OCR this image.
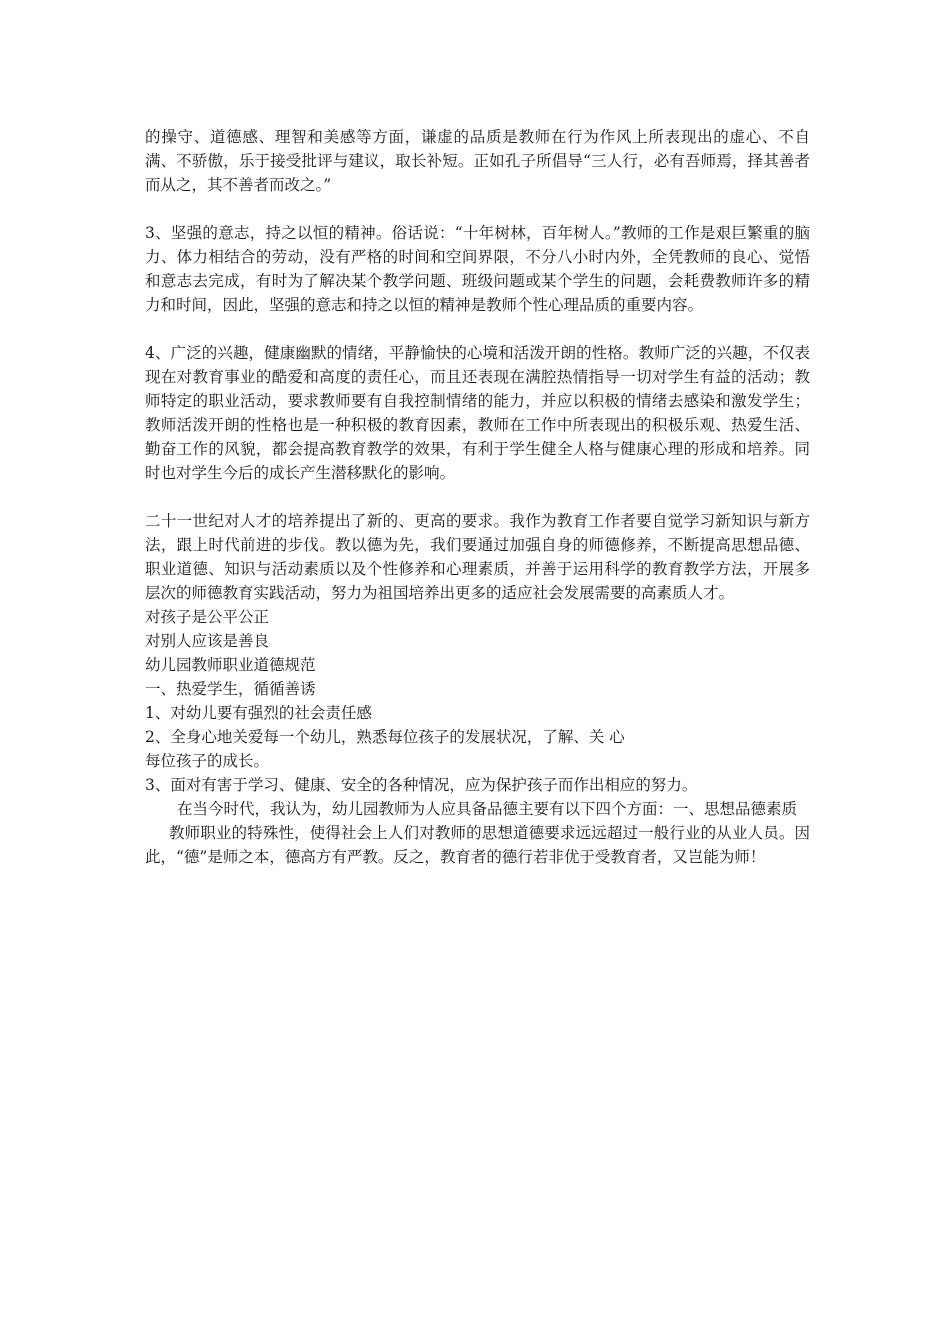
的操守、道德感、理智和美感等方面，谦虚的品质是教师在行为作风上所表现出的虚心、不自满、不骄傲，乐于接受批评与建议，取长补短。正如孔子所倡导“三人行，必有吾师焉，择其善者而从之，其不善者而改之。”

3、坚强的意志，持之以恒的精神。俗话说：“十年树林，百年树人。”教师的工作是艰巨繁重的脑力、体力相结合的劳动，没有严格的时间和空间界限，不分八小时内外，全凭教师的良心、觉悟和意志去完成，有时为了解决某个教学问题、班级问题或某个学生的问题，会耗费教师许多的精力和时间，因此，坚强的意志和持之以恒的精神是教师个性心理品质的重要内容。

4、广泛的兴趣，健康幽默的情绪，平静愉快的心境和活泼开朗的性格。教师广泛的兴趣，不仅表现在对教育事业的酷爱和高度的责任心，而且还表现在满腔热情指导一切对学生有益的活动；教师特定的职业活动，要求教师要有自我控制情绪的能力，并应以积极的情绪去感染和激发学生；教师活泼开朗的性格也是一种积极的教育因素，教师在工作中所表现出的积极乐观、热爱生活、勤奋工作的风貌，都会提高教育教学的效果，有利于学生健全人格与健康心理的形成和培养。同时也对学生今后的成长产生潜移默化的影响。

二十一世纪对人才的培养提出了新的、更高的要求。我作为教育工作者要自觉学习新知识与新方法，跟上时代前进的步伐。教以德为先，我们要通过加强自身的师德修养，不断提高思想品德、职业道德、知识与活动素质以及个性修养和心理素质，并善于运用科学的教育教学方法，开展多层次的师德教育实践活动，努力为祖国培养出更多的适应社会发展需要的高素质人才。

对孩子是公平公正

对别人应该是善良

幼儿园教师职业道德规范

一、热爱学生，循循善诱

1、对幼儿要有强烈的社会责任感

2、全身心地关爱每一个幼儿，熟悉每位孩子的发展状况，了解、关 心

每位孩子的成长。

3、面对有害于学习、健康、安全的各种情况，应为保护孩子而作出相应的努力。

在当今时代，我认为，幼儿园教师为人应具备品德主要有以下四个方面：一、思想品德素质

教师职业的特殊性，使得社会上人们对教师的思想道德要求远远超过一般行业的从业人员。因此，“德”是师之本，德高方有严教。反之，教育者的德行若非优于受教育者，又岂能为师！
